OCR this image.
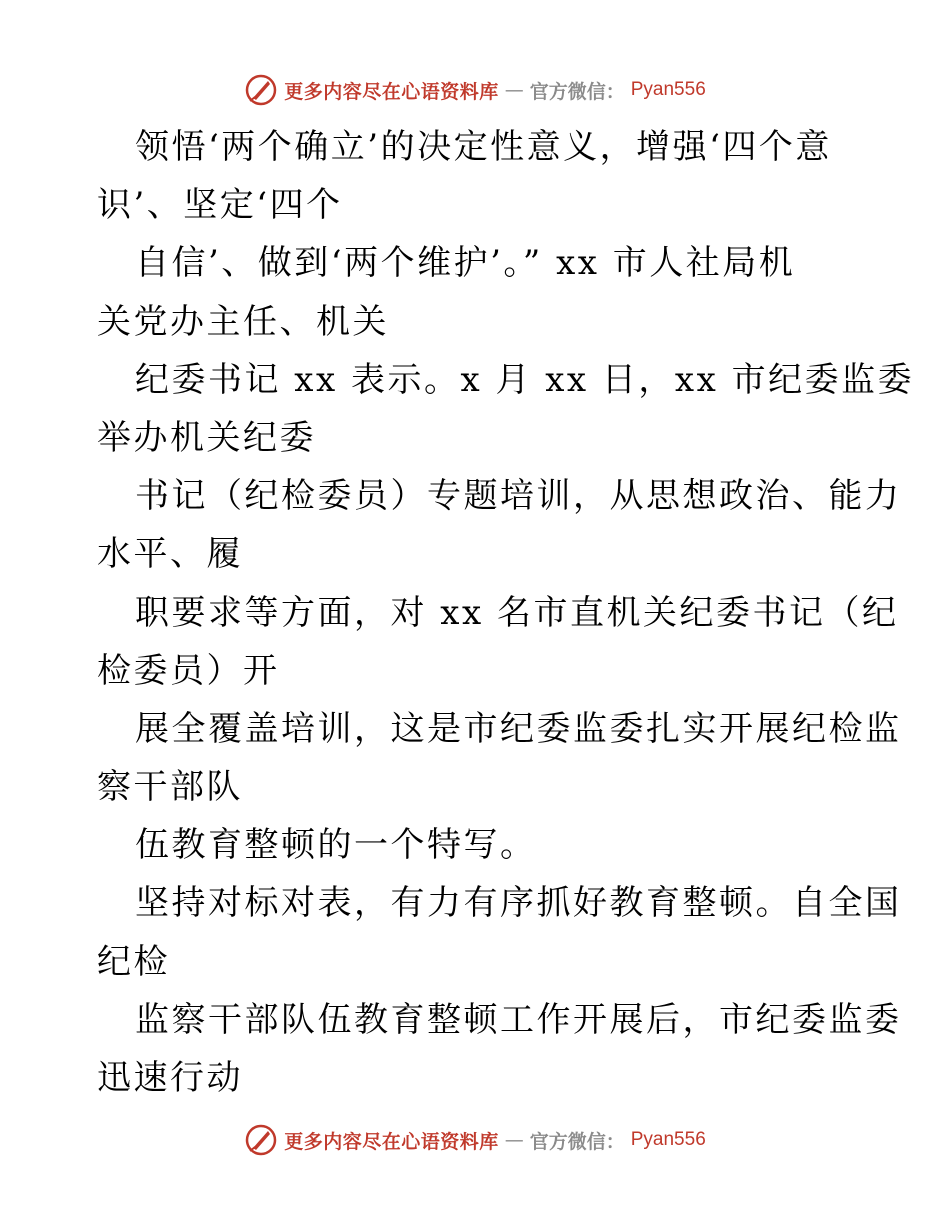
更多内容尽在心语资料库 — 官方微信： Pyan556
领悟‘两个确立’的决定性意义，增强‘四个意
识’、坚定‘四个
自信’、做到‘两个维护’。” xx 市人社局机
关党办主任、机关
纪委书记 xx 表示。x 月 xx 日，xx 市纪委监委
举办机关纪委
书记（纪检委员）专题培训，从思想政治、能力
水平、履
职要求等方面，对 xx 名市直机关纪委书记（纪
检委员）开
展全覆盖培训，这是市纪委监委扎实开展纪检监
察干部队
伍教育整顿的一个特写。
坚持对标对表，有力有序抓好教育整顿。自全国
纪检
监察干部队伍教育整顿工作开展后，市纪委监委
迅速行动
更多内容尽在心语资料库 — 官方微信： Pyan556
